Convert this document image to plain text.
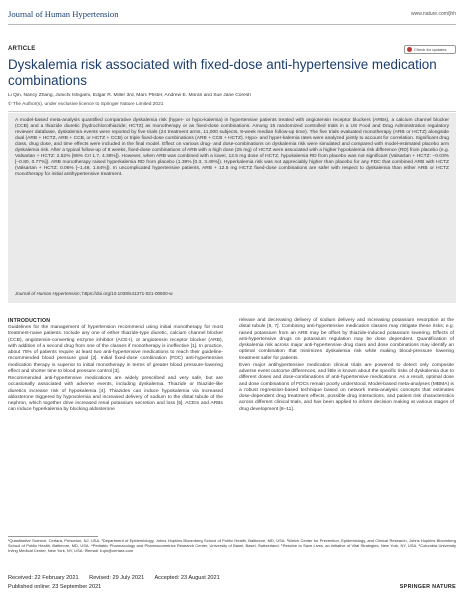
Journal of Human Hypertension	www.nature.com/jhh
ARTICLE	Check for updates
Dyskalemia risk associated with fixed-dose anti-hypertensive medication combinations
Li Qin, Nancy Zhang, Junichi Ishigami, Edgar R. Miller 3rd, Marc Pfister, Andrew E. Moran and Sue Jane Coresh
© The Author(s), under exclusive licence to Springer Nature Limited 2021

A model-based meta-analysis quantified comparative dyskalemia risk (hyper- or hypo-kalemia) in hypertensive patients treated with angiotensin receptor blockers (ARBs), a calcium channel blocker (CCB) and a thiazide diuretic (hydrochlorothiazide; HCTZ) as monotherapy or as fixed-dose combinations. Among 15 randomized controlled trials in a US Food and Drug Administration regulatory reviewer database, dyskalemia events were reported by five trials (24 treatment arms, 11,000 subjects, 8-week median follow-up time). The five trials evaluated monotherapy (ARB or HCTZ) alongside dual (ARB + HCTZ, ARB + CCB, or HCTZ + CCB) or triple fixed-dose combinations (ARB + CCB + HCTZ). Hypo- and hyper-kalemia rates were analyzed jointly to account for correlation. Significant drug class, drug dose, and time effects were included in the final model. Effect on various drug- and dose-combinations on dyskalemia risk were simulated and compared with model-estimated placebo arm dyskalemia risk. After a typical follow-up of 8 weeks, fixed-dose combinations of ARB with a high dose (25 mg) of HCTZ were associated with a higher hypokalemia risk difference (RD) from placebo (e.g. Valsartan + HCTZ: 2.52% [95% CrI 1.7, 4.38%]). However, when ARB was combined with a lower, 12.5 mg dose of HCTZ, hypokalemia RD from placebo was not significant (Valsartan + HCTZ: −0.03% [−0.80, 0.77%]). ARB monotherapy raised hyperkalemia RD from placebo (1.39% [0.3, 3.49%]). Hyperkalemia risk was not appreciably higher than placebo for any FDC that combined ARB with HCTZ (Valsartan + HCTZ: 0.06% [−1.48, 1.64%]). In uncomplicated hypertensive patients, ARB + 12.5 mg HCTZ fixed-dose combinations are safer with respect to dyskalemia than either ARB or HCTZ monotherapy for initial antihypertensive treatment.

Journal of Human Hypertension; https://doi.org/10.1038/s41371-021-00600-w
INTRODUCTION

Guidelines for the management of hypertension recommend using initial monotherapy for most treatment-naive patients. Include any one of either thiazide-type diuretic, calcium channel blocker (CCB), angiotensin-converting enzyme inhibitor (ACE-I), or angiotensin receptor blocker (ARB), with addition of a second drug from one of the classes if monotherapy is ineffective [1]. In practice, about 75% of patients require at least two anti-hypertensive medications to reach their guideline-recommended blood pressure goal [2]. Initial fixed-dose combination (FDC) anti-hypertensive medication therapy is superior to initial monotherapy in terms of greater blood pressure-lowering effect and shorter time to blood pressure control [3].

Recommended anti-hypertensive medications are widely prescribed and very safe, but are occasionally associated with adverse events, including dyskalemia. Thiazide or thiazide-like diuretics increase risk of hypokalemia [4]. Thiazides can induce hypokalemia via increased aldosterone triggered by hypovolemia and increased delivery of sodium to the distal tubule of the nephron, which together drive increased renal potassium secretion and loss [5]. ACEIs and ARBs can induce hyperkalemia by blocking aldosterone

release and decreasing delivery of sodium delivery and increasing potassium resorption at the distal tubule [6, 7]. Combining anti-hypertensive medication classes may mitigate these risks; e.g. raised potassium from an ARB may be offset by thiazide-induced potassium lowering. Effects of anti-hypertensive drugs on potassium regulation may be dose dependent. Quantification of dyskalemia risk across major anti-hypertensive drug class and dose combinations may identify an optimal combination that minimizes dyskalemia risk while making blood-pressure lowering treatment safer for patients.

Even major antihypertensive medication clinical trials are powered to detect only composite adverse event outcome differences, and little is known about the specific risks of dyskalemia due to different doses and dose-combinations of anti-hypertensive medications. As a result, optimal dose and dose combinations of FDCs remain poorly understood. Model-based meta-analyses (MBMA) is a robust regression-based technique based on network meta-analysis concepts that estimates dose-dependent drug treatment effects, possible drug interactions, and patient risk characteristics across different clinical trials, and has been applied to inform decision making at various stages of drug development [8–11].

¹Quantitative Science, Certara, Princeton, NJ, USA. ²Department of Epidemiology, Johns Hopkins Bloomberg School of Public Health, Baltimore, MD, USA. ³Welch Center for Prevention, Epidemiology, and Clinical Research, Johns Hopkins Bloomberg School of Public Health, Baltimore, MD, USA. ⁴Pediatric Pharmacology and Pharmacometrics Research Center, University of Basel, Basel, Switzerland. ⁵Resolve to Save Lives, an initiative of Vital Strategies, New York, NY, USA. ⁶Columbia University Irving Medical Center, New York, NY, USA. ✉email: li.qin@certara.com
Received: 22 February 2021 Revised: 29 July 2021 Accepted: 23 August 2021
Published online: 23 September 2021	SPRINGER NATURE
